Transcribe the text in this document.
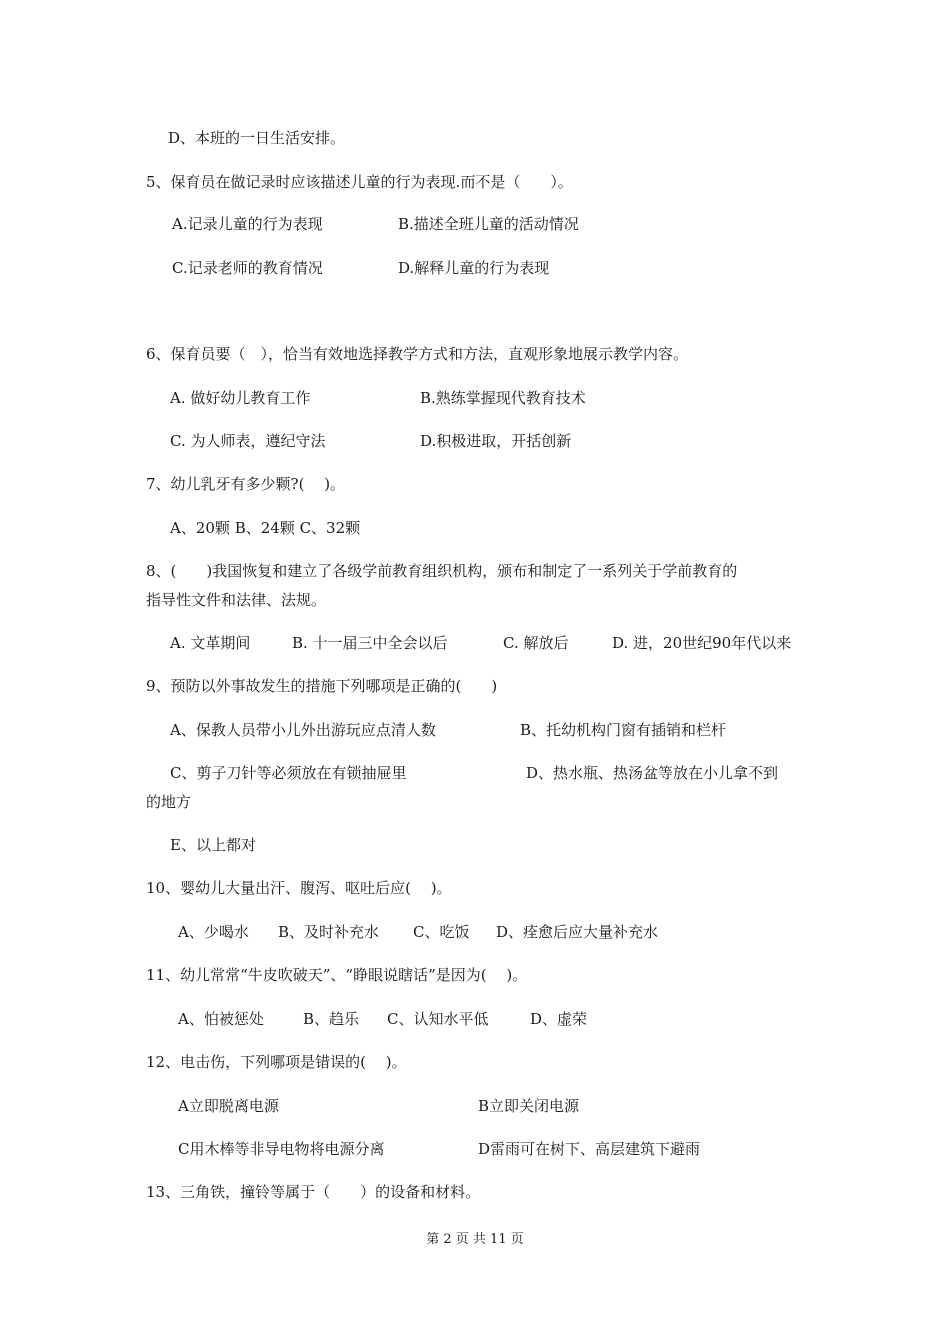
D、本班的一日生活安排。
5、保育员在做记录时应该描述儿童的行为表现.而不是（　　）。
A.记录儿童的行为表现	B.描述全班儿童的活动情况
C.记录老师的教育情况	D.解释儿童的行为表现
6、保育员要（　），恰当有效地选择教学方式和方法，直观形象地展示教学内容。
A. 做好幼儿教育工作	B.熟练掌握现代教育技术
C. 为人师表，遵纪守法	D.积极进取，开括创新
7、幼儿乳牙有多少颗?(　 )。
A、20颗 B、24颗 C、32颗
8、(　　)我国恢复和建立了各级学前教育组织机构，颁布和制定了一系列关于学前教育的
指导性文件和法律、法规。
A. 文革期间	B. 十一届三中全会以后	C. 解放后	D. 进，20世纪90年代以来
9、预防以外事故发生的措施下列哪项是正确的(　　)
A、保教人员带小儿外出游玩应点清人数	B、托幼机构门窗有插销和栏杆
C、剪子刀针等必须放在有锁抽屉里	D、热水瓶、热汤盆等放在小儿拿不到
的地方
E、以上都对
10、婴幼儿大量出汗、腹泻、呕吐后应(　 )。
A、少喝水 B、及时补充水 C、吃饭 D、痊愈后应大量补充水
11、幼儿常常“牛皮吹破天”、“睁眼说瞎话”是因为(　 )。
A、怕被惩处	B、趋乐 C、认知水平低	D、虚荣
12、电击伤，下列哪项是错误的(　 )。
A立即脱离电源	B立即关闭电源
C用木棒等非导电物将电源分离	D雷雨可在树下、高层建筑下避雨
13、三角铁，撞铃等属于（　　）的设备和材料。
第 2 页 共 11 页
